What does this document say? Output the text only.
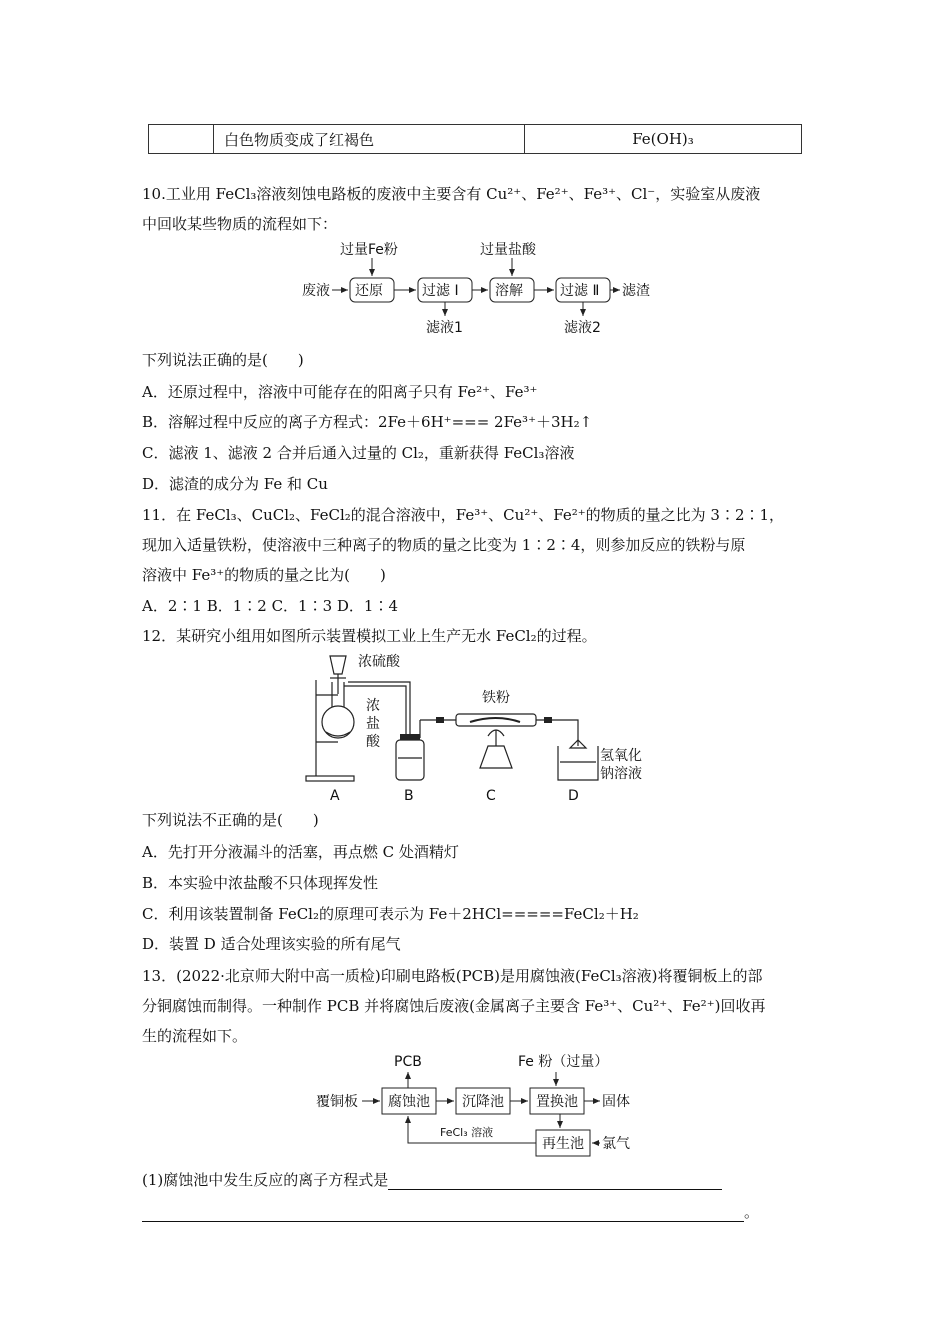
	白色物质变成了红褐色	Fe(OH)₃
10.工业用 FeCl₃溶液刻蚀电路板的废液中主要含有 Cu²⁺、Fe²⁺、Fe³⁺、Cl⁻，实验室从废液
中回收某些物质的流程如下：
废液 还原	过滤 Ⅰ	溶解	过滤 Ⅱ 滤渣
过量Fe粉	过量盐酸
滤液1	滤液2
下列说法正确的是(　　)
A．还原过程中，溶液中可能存在的阳离子只有 Fe²⁺、Fe³⁺
B．溶解过程中反应的离子方程式：2Fe＋6H⁺=== 2Fe³⁺＋3H₂↑
C．滤液 1、滤液 2 合并后通入过量的 Cl₂，重新获得 FeCl₃溶液
D．滤渣的成分为 Fe 和 Cu
11．在 FeCl₃、CuCl₂、FeCl₂的混合溶液中，Fe³⁺、Cu²⁺、Fe²⁺的物质的量之比为 3∶2∶1，
现加入适量铁粉，使溶液中三种离子的物质的量之比变为 1∶2∶4，则参加反应的铁粉与原
溶液中 Fe³⁺的物质的量之比为(　　)
A．2∶1 B．1∶2 C．1∶3 D．1∶4
12．某研究小组用如图所示装置模拟工业上生产无水 FeCl₂的过程。
浓硫酸
浓
盐
酸
铁粉
氢氧化
钠溶液
A	B	C	D
下列说法不正确的是(　　)
A．先打开分液漏斗的活塞，再点燃 C 处酒精灯
B．本实验中浓盐酸不只体现挥发性
C．利用该装置制备 FeCl₂的原理可表示为 Fe＋2HCl=====FeCl₂＋H₂
D．装置 D 适合处理该实验的所有尾气
13．(2022·北京师大附中高一质检)印刷电路板(PCB)是用腐蚀液(FeCl₃溶液)将覆铜板上的部
分铜腐蚀而制得。一种制作 PCB 并将腐蚀后废液(金属离子主要含 Fe³⁺、Cu²⁺、Fe²⁺)回收再
生的流程如下。
PCB	Fe 粉（过量）
覆铜板 腐蚀池 沉降池 置换池 固体
再生池 氯气
FeCl₃ 溶液
(1)腐蚀池中发生反应的离子方程式是
。
